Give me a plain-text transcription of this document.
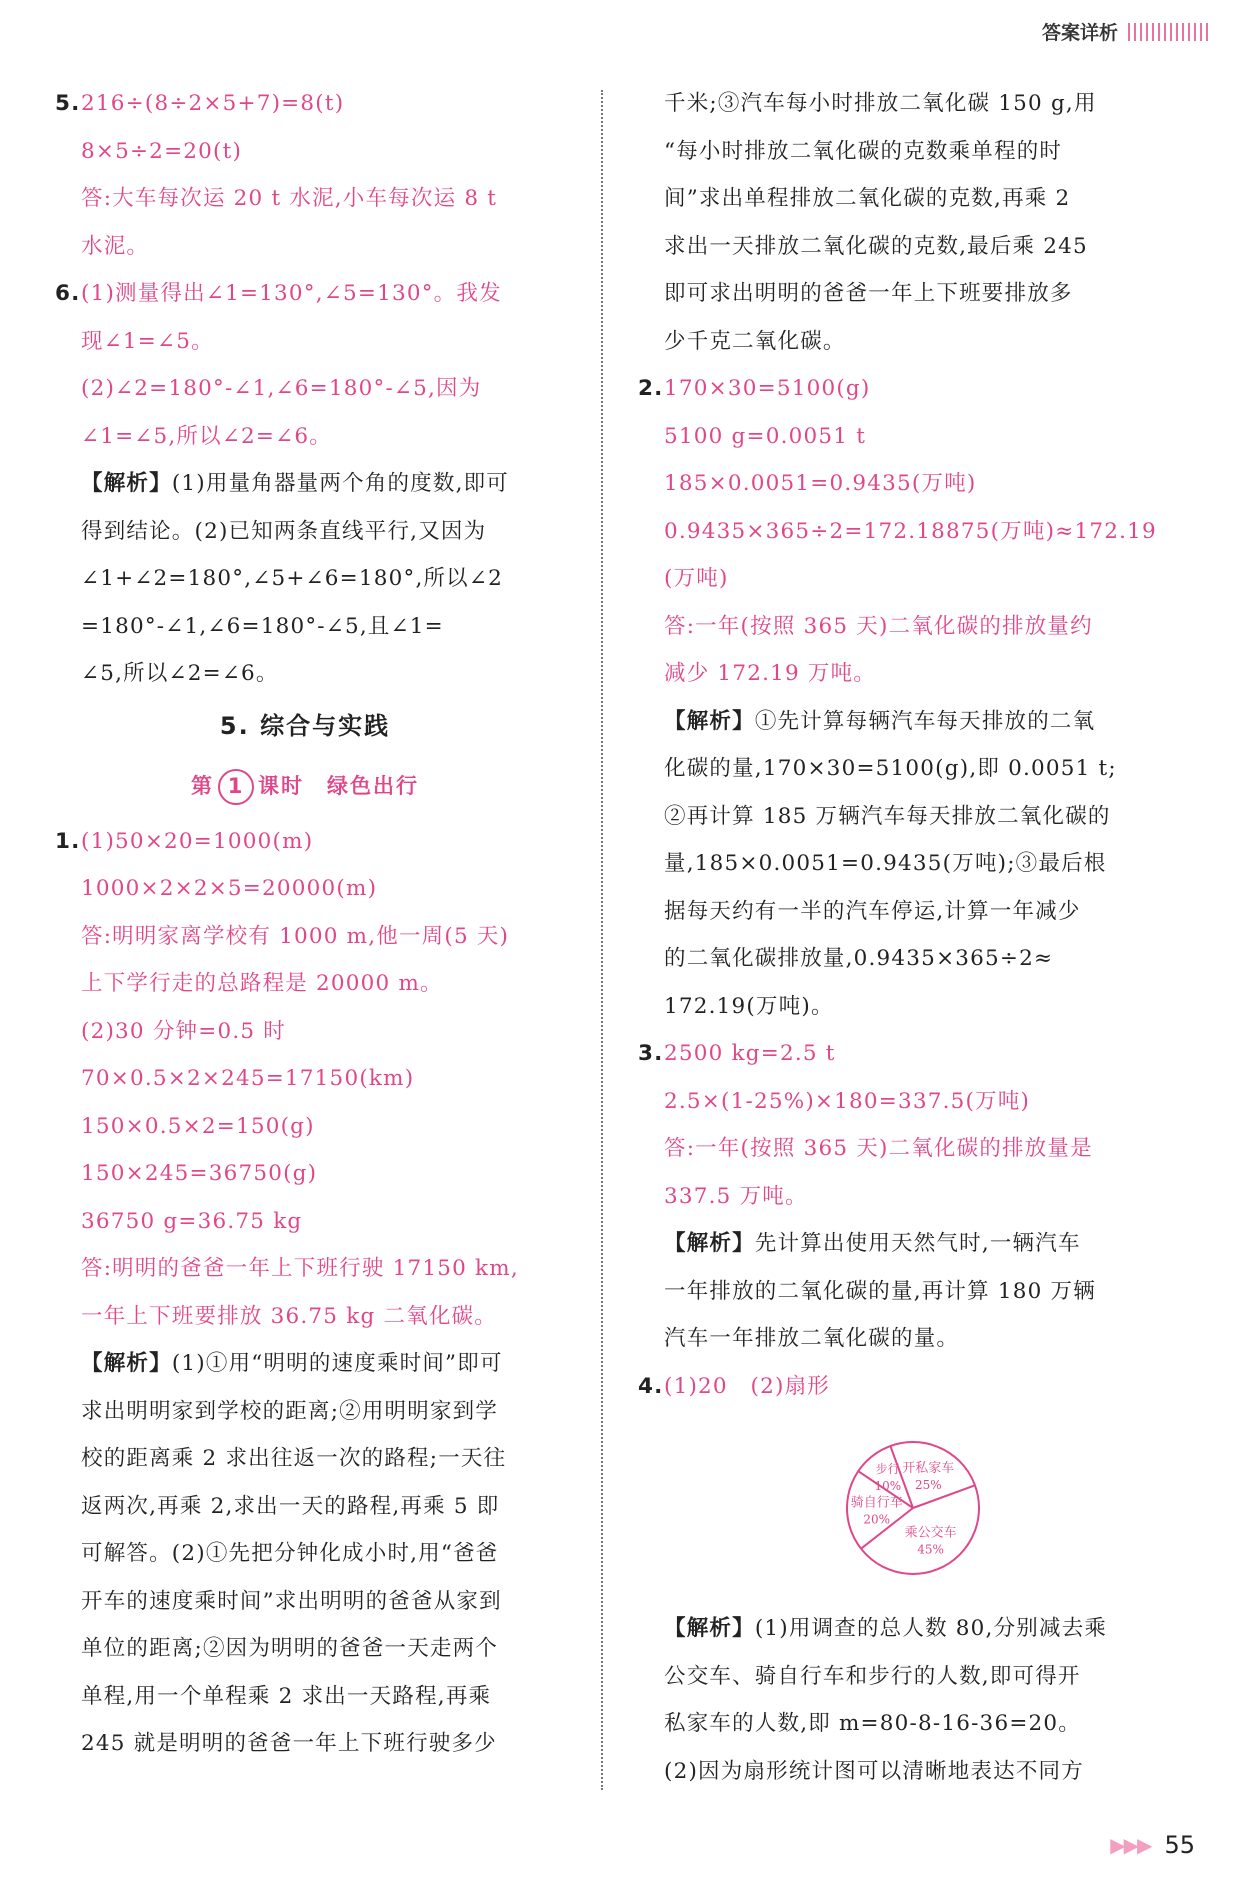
答案详析
5.216÷(8÷2×5+7)=8(t)
8×5÷2=20(t)
答:大车每次运 20 t 水泥,小车每次运 8 t
水泥。
6.(1)测量得出∠1=130°,∠5=130°。我发
现∠1=∠5。
(2)∠2=180°-∠1,∠6=180°-∠5,因为
∠1=∠5,所以∠2=∠6。
【解析】(1)用量角器量两个角的度数,即可
得到结论。(2)已知两条直线平行,又因为
∠1+∠2=180°,∠5+∠6=180°,所以∠2
=180°-∠1,∠6=180°-∠5,且∠1=
∠5,所以∠2=∠6。
5. 综合与实践
第 1 课时　绿色出行
1.(1)50×20=1000(m)
1000×2×2×5=20000(m)
答:明明家离学校有 1000 m,他一周(5 天)
上下学行走的总路程是 20000 m。
(2)30 分钟=0.5 时
70×0.5×2×245=17150(km)
150×0.5×2=150(g)
150×245=36750(g)
36750 g=36.75 kg
答:明明的爸爸一年上下班行驶 17150 km,
一年上下班要排放 36.75 kg 二氧化碳。
【解析】(1)①用“明明的速度乘时间”即可
求出明明家到学校的距离;②用明明家到学
校的距离乘 2 求出往返一次的路程;一天往
返两次,再乘 2,求出一天的路程,再乘 5 即
可解答。(2)①先把分钟化成小时,用“爸爸
开车的速度乘时间”求出明明的爸爸从家到
单位的距离;②因为明明的爸爸一天走两个
单程,用一个单程乘 2 求出一天路程,再乘
245 就是明明的爸爸一年上下班行驶多少
千米;③汽车每小时排放二氧化碳 150 g,用
“每小时排放二氧化碳的克数乘单程的时
间”求出单程排放二氧化碳的克数,再乘 2
求出一天排放二氧化碳的克数,最后乘 245
即可求出明明的爸爸一年上下班要排放多
少千克二氧化碳。
2.170×30=5100(g)
5100 g=0.0051 t
185×0.0051=0.9435(万吨)
0.9435×365÷2=172.18875(万吨)≈172.19
(万吨)
答:一年(按照 365 天)二氧化碳的排放量约
减少 172.19 万吨。
【解析】①先计算每辆汽车每天排放的二氧
化碳的量,170×30=5100(g),即 0.0051 t;
②再计算 185 万辆汽车每天排放二氧化碳的
量,185×0.0051=0.9435(万吨);③最后根
据每天约有一半的汽车停运,计算一年减少
的二氧化碳排放量,0.9435×365÷2≈
172.19(万吨)。
3.2500 kg=2.5 t
2.5×(1-25%)×180=337.5(万吨)
答:一年(按照 365 天)二氧化碳的排放量是
337.5 万吨。
【解析】先计算出使用天然气时,一辆汽车
一年排放的二氧化碳的量,再计算 180 万辆
汽车一年排放二氧化碳的量。
4.(1)20　(2)扇形
开私家车
25%
乘公交车
45%
骑自行车
20%
步行
10%
【解析】(1)用调查的总人数 80,分别减去乘
公交车、骑自行车和步行的人数,即可得开
私家车的人数,即 m=80-8-16-36=20。
(2)因为扇形统计图可以清晰地表达不同方
▶▶▶ 55
